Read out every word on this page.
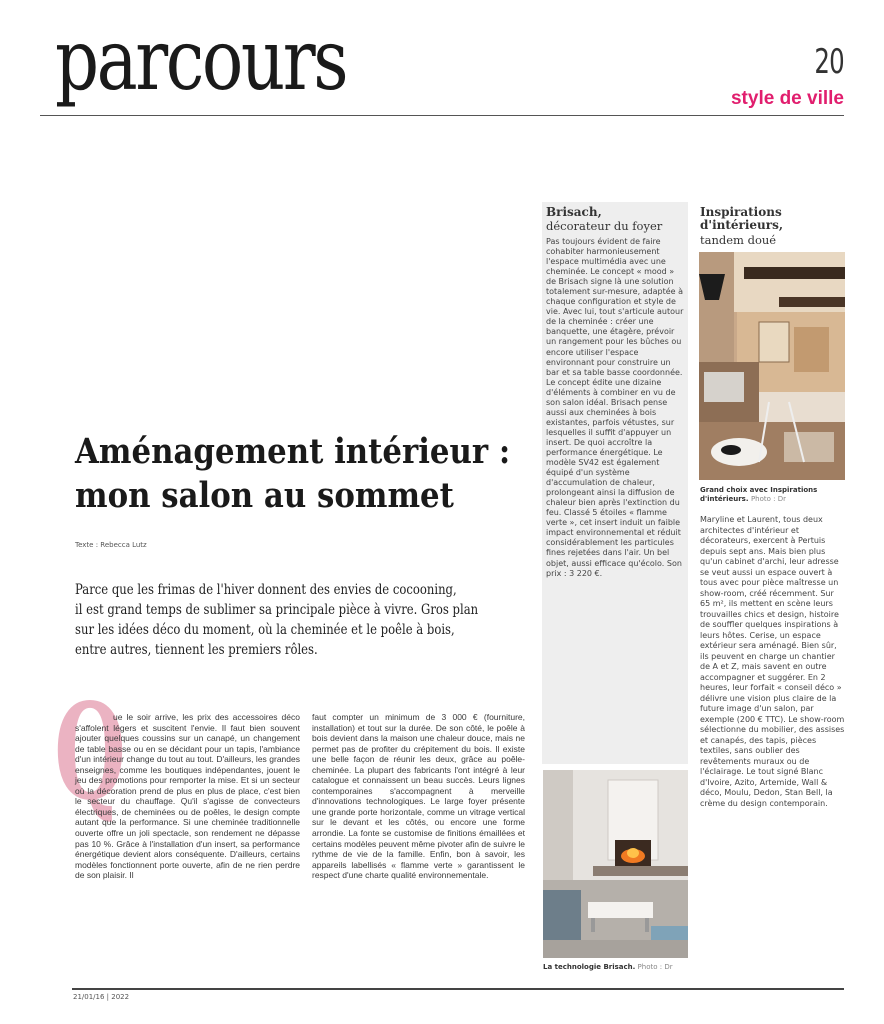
parcours	20
style de ville
Aménagement intérieur :
mon salon au sommet
Texte : Rebecca Lutz
Parce que les frimas de l'hiver donnent des envies de cocooning,
il est grand temps de sublimer sa principale pièce à vivre. Gros plan
sur les idées déco du moment, où la cheminée et le poêle à bois,
entre autres, tiennent les premiers rôles.
Q
ue le soir arrive, les prix des accessoires déco s'affolent légers et suscitent l'envie. Il faut bien souvent ajouter quelques coussins sur un canapé, un changement de table basse ou en se décidant pour un tapis, l'ambiance d'un intérieur change du tout au tout. D'ailleurs, les grandes enseignes, comme les boutiques indépendantes, jouent le jeu des promotions pour remporter la mise. Et si un secteur où la décoration prend de plus en plus de place, c'est bien le secteur du chauffage. Qu'il s'agisse de convecteurs électriques, de cheminées ou de poêles, le design compte autant que la performance. Si une cheminée traditionnelle ouverte offre un joli spectacle, son rendement ne dépasse pas 10 %. Grâce à l'installation d'un insert, sa performance énergétique devient alors conséquente. D'ailleurs, certains modèles fonctionnent porte ouverte, afin de ne rien perdre de son plaisir. Il
faut compter un minimum de 3 000 € (fourniture, installation) et tout sur la durée. De son côté, le poêle à bois devient dans la maison une chaleur douce, mais ne permet pas de profiter du crépitement du bois. Il existe une belle façon de réunir les deux, grâce au poêle-cheminée. La plupart des fabricants l'ont intégré à leur catalogue et connaissent un beau succès. Leurs lignes contemporaines s'accompagnent à merveille d'innovations technologiques. Le large foyer présente une grande porte horizontale, comme un vitrage vertical sur le devant et les côtés, ou encore une forme arrondie. La fonte se customise de finitions émaillées et certains modèles peuvent même pivoter afin de suivre le rythme de vie de la famille. Enfin, bon à savoir, les appareils labellisés « flamme verte » garantissent le respect d'une charte qualité environnementale.
Brisach,
décorateur du foyer
Pas toujours évident de faire cohabiter harmonieusement l'espace multimédia avec une cheminée. Le concept « mood » de Brisach signe là une solution totalement sur-mesure, adaptée à chaque configuration et style de vie. Avec lui, tout s'articule autour de la cheminée : créer une banquette, une étagère, prévoir un rangement pour les bûches ou encore utiliser l'espace environnant pour construire un bar et sa table basse coordonnée. Le concept édite une dizaine d'éléments à combiner en vu de son salon idéal. Brisach pense aussi aux cheminées à bois existantes, parfois vétustes, sur lesquelles il suffit d'appuyer un insert. De quoi accroître la performance énergétique. Le modèle SV42 est également équipé d'un système d'accumulation de chaleur, prolongeant ainsi la diffusion de chaleur bien après l'extinction du feu. Classé 5 étoiles « flamme verte », cet insert induit un faible impact environnemental et réduit considérablement les particules fines rejetées dans l'air. Un bel objet, aussi efficace qu'écolo. Son prix : 3 220 €.
La technologie Brisach. Photo : Dr
Inspirations
d'intérieurs,
tandem doué
Grand choix avec Inspirations d'intérieurs. Photo : Dr
Maryline et Laurent, tous deux architectes d'intérieur et décorateurs, exercent à Pertuis depuis sept ans. Mais bien plus qu'un cabinet d'archi, leur adresse se veut aussi un espace ouvert à tous avec pour pièce maîtresse un show-room, créé récemment. Sur 65 m², ils mettent en scène leurs trouvailles chics et design, histoire de souffler quelques inspirations à leurs hôtes. Cerise, un espace extérieur sera aménagé. Bien sûr, ils peuvent en charge un chantier de A et Z, mais savent en outre accompagner et suggérer. En 2 heures, leur forfait « conseil déco » délivre une vision plus claire de la future image d'un salon, par exemple (200 € TTC). Le show-room sélectionne du mobilier, des assises et canapés, des tapis, pièces textiles, sans oublier des revêtements muraux ou de l'éclairage. Le tout signé Blanc d'Ivoire, Azito, Artemide, Wall & déco, Moulu, Dedon, Stan Bell, la crème du design contemporain.
21/01/16 | 2022
